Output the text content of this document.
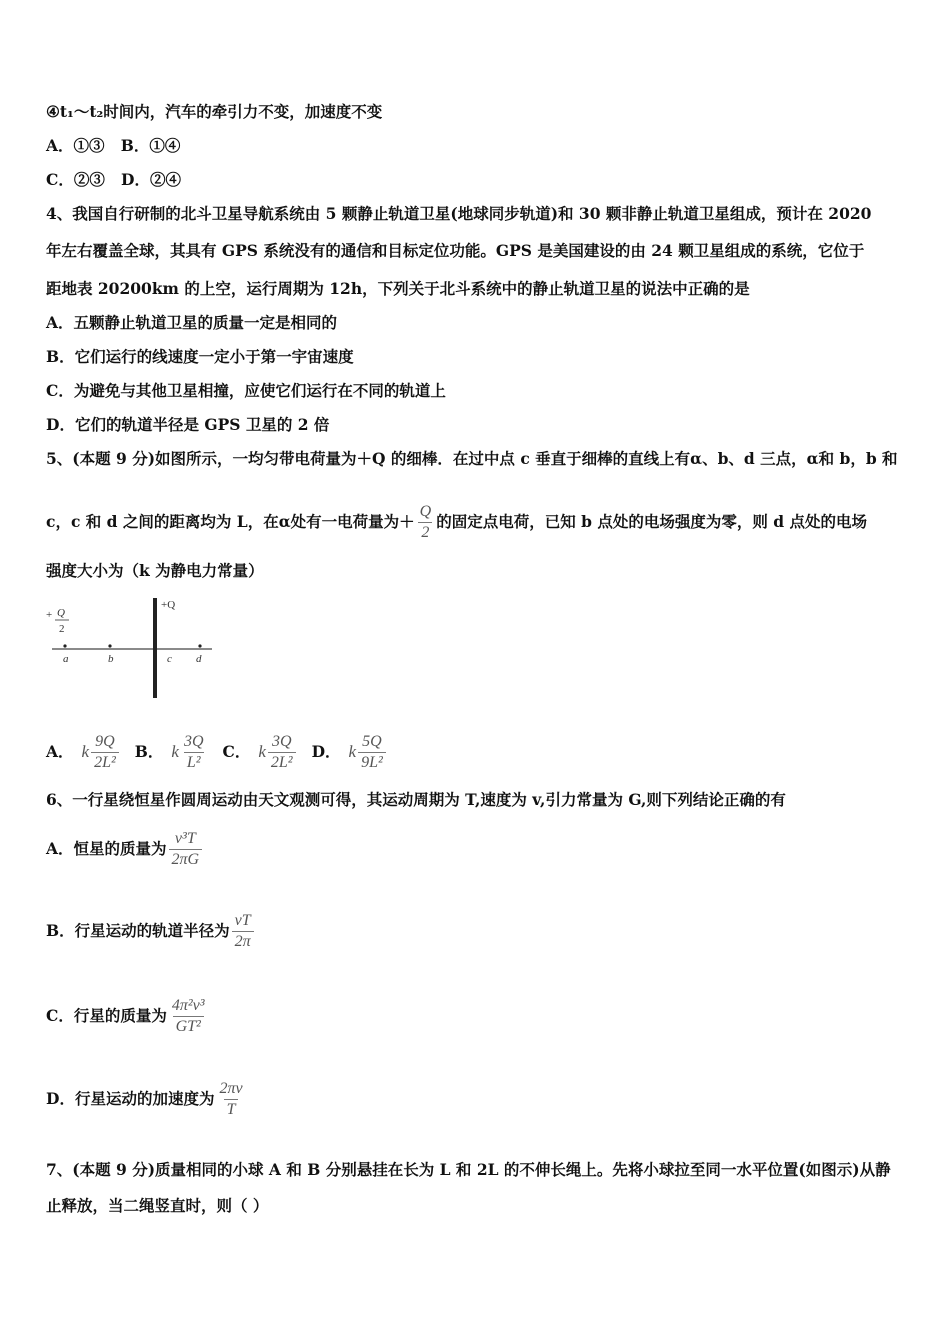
④t₁～t₂时间内，汽车的牵引力不变，加速度不变
A．①③ B．①④
C．②③ D．②④
4、我国自行研制的北斗卫星导航系统由 5 颗静止轨道卫星(地球同步轨道)和 30 颗非静止轨道卫星组成，预计在 2020
年左右覆盖全球，其具有 GPS 系统没有的通信和目标定位功能。GPS 是美国建设的由 24 颗卫星组成的系统，它位于
距地表 20200km 的上空，运行周期为 12h，下列关于北斗系统中的静止轨道卫星的说法中正确的是
A．五颗静止轨道卫星的质量一定是相同的
B．它们运行的线速度一定小于第一宇宙速度
C．为避免与其他卫星相撞，应使它们运行在不同的轨道上
D．它们的轨道半径是 GPS 卫星的 2 倍
5、(本题 9 分)如图所示，一均匀带电荷量为＋Q 的细棒．在过中点 c 垂直于细棒的直线上有α、b、d 三点，α和 b，b 和
c，c 和 d 之间的距离均为 L，在α处有一电荷量为＋ $\frac{Q}{2}$ 的固定点电荷，已知 b 点处的电场强度为零，则 d 点处的电场
强度大小为（k 为静电力常量）
+ Q
2
+Q
a	b	c d
A． k $\frac{9Q}{\text{2L²}}$ B． k $\frac{3Q}{\text{L²}}$ C． k $\frac{3Q}{\text{2L²}}$ D． k $\frac{5Q}{\text{9L²}}$
6、一行星绕恒星作圆周运动由天文观测可得，其运动周期为 T,速度为 v,引力常量为 G,则下列结论正确的有
A．恒星的质量为 $\frac{\text{v³T}}{2\pi G}$
B．行星运动的轨道半径为 $\frac{vT}{2\pi}$
C．行星的质量为 $\frac{\text{4π²v³}}{\text{GT²}}$
D．行星运动的加速度为 $\frac{2\pi v}{T}$
7、(本题 9 分)质量相同的小球 A 和 B 分别悬挂在长为 L 和 2L 的不伸长绳上。先将小球拉至同一水平位置(如图示)从静
止释放，当二绳竖直时，则（ ）
